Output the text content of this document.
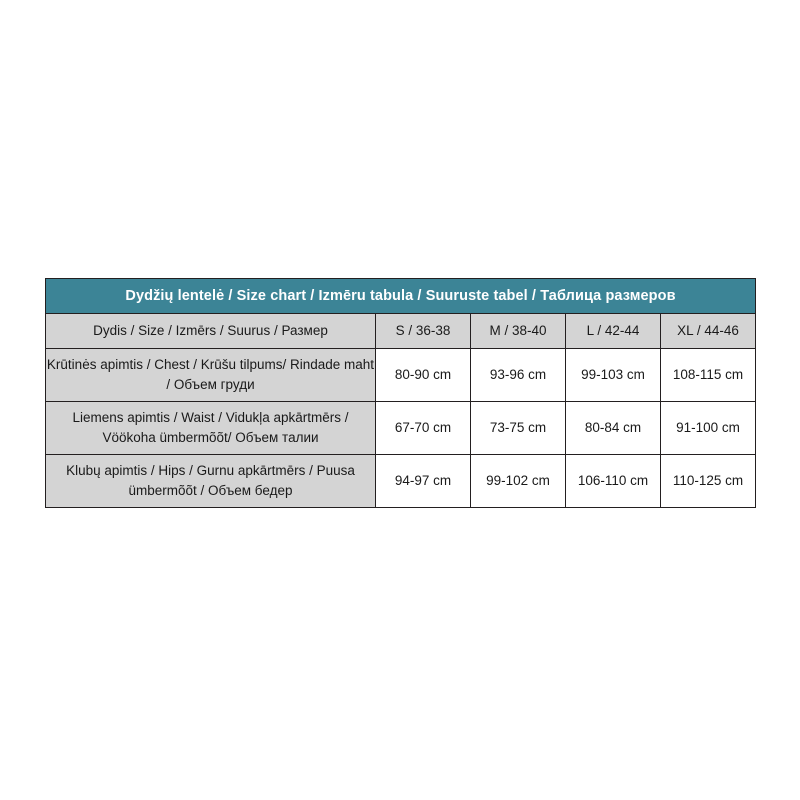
Dydžių lentelė / Size chart / Izmēru tabula / Suuruste tabel / Таблица размеров				
Dydis / Size / Izmērs / Suurus / Размер	S / 36-38	M / 38-40	L / 42-44	XL / 44-46
Krūtinės apimtis / Chest / Krūšu tilpums/ Rindade maht / Объем груди	80-90 cm	93-96 cm	99-103 cm	108-115 cm
Liemens apimtis / Waist / Vidukļa apkārtmērs / Vöökoha ümbermõõt/ Объем талии	67-70 cm	73-75 cm	80-84 cm	91-100 cm
Klubų apimtis / Hips / Gurnu apkārtmērs / Puusa ümbermõõt / Объем бедер	94-97 cm	99-102 cm	106-110 cm	110-125 cm
